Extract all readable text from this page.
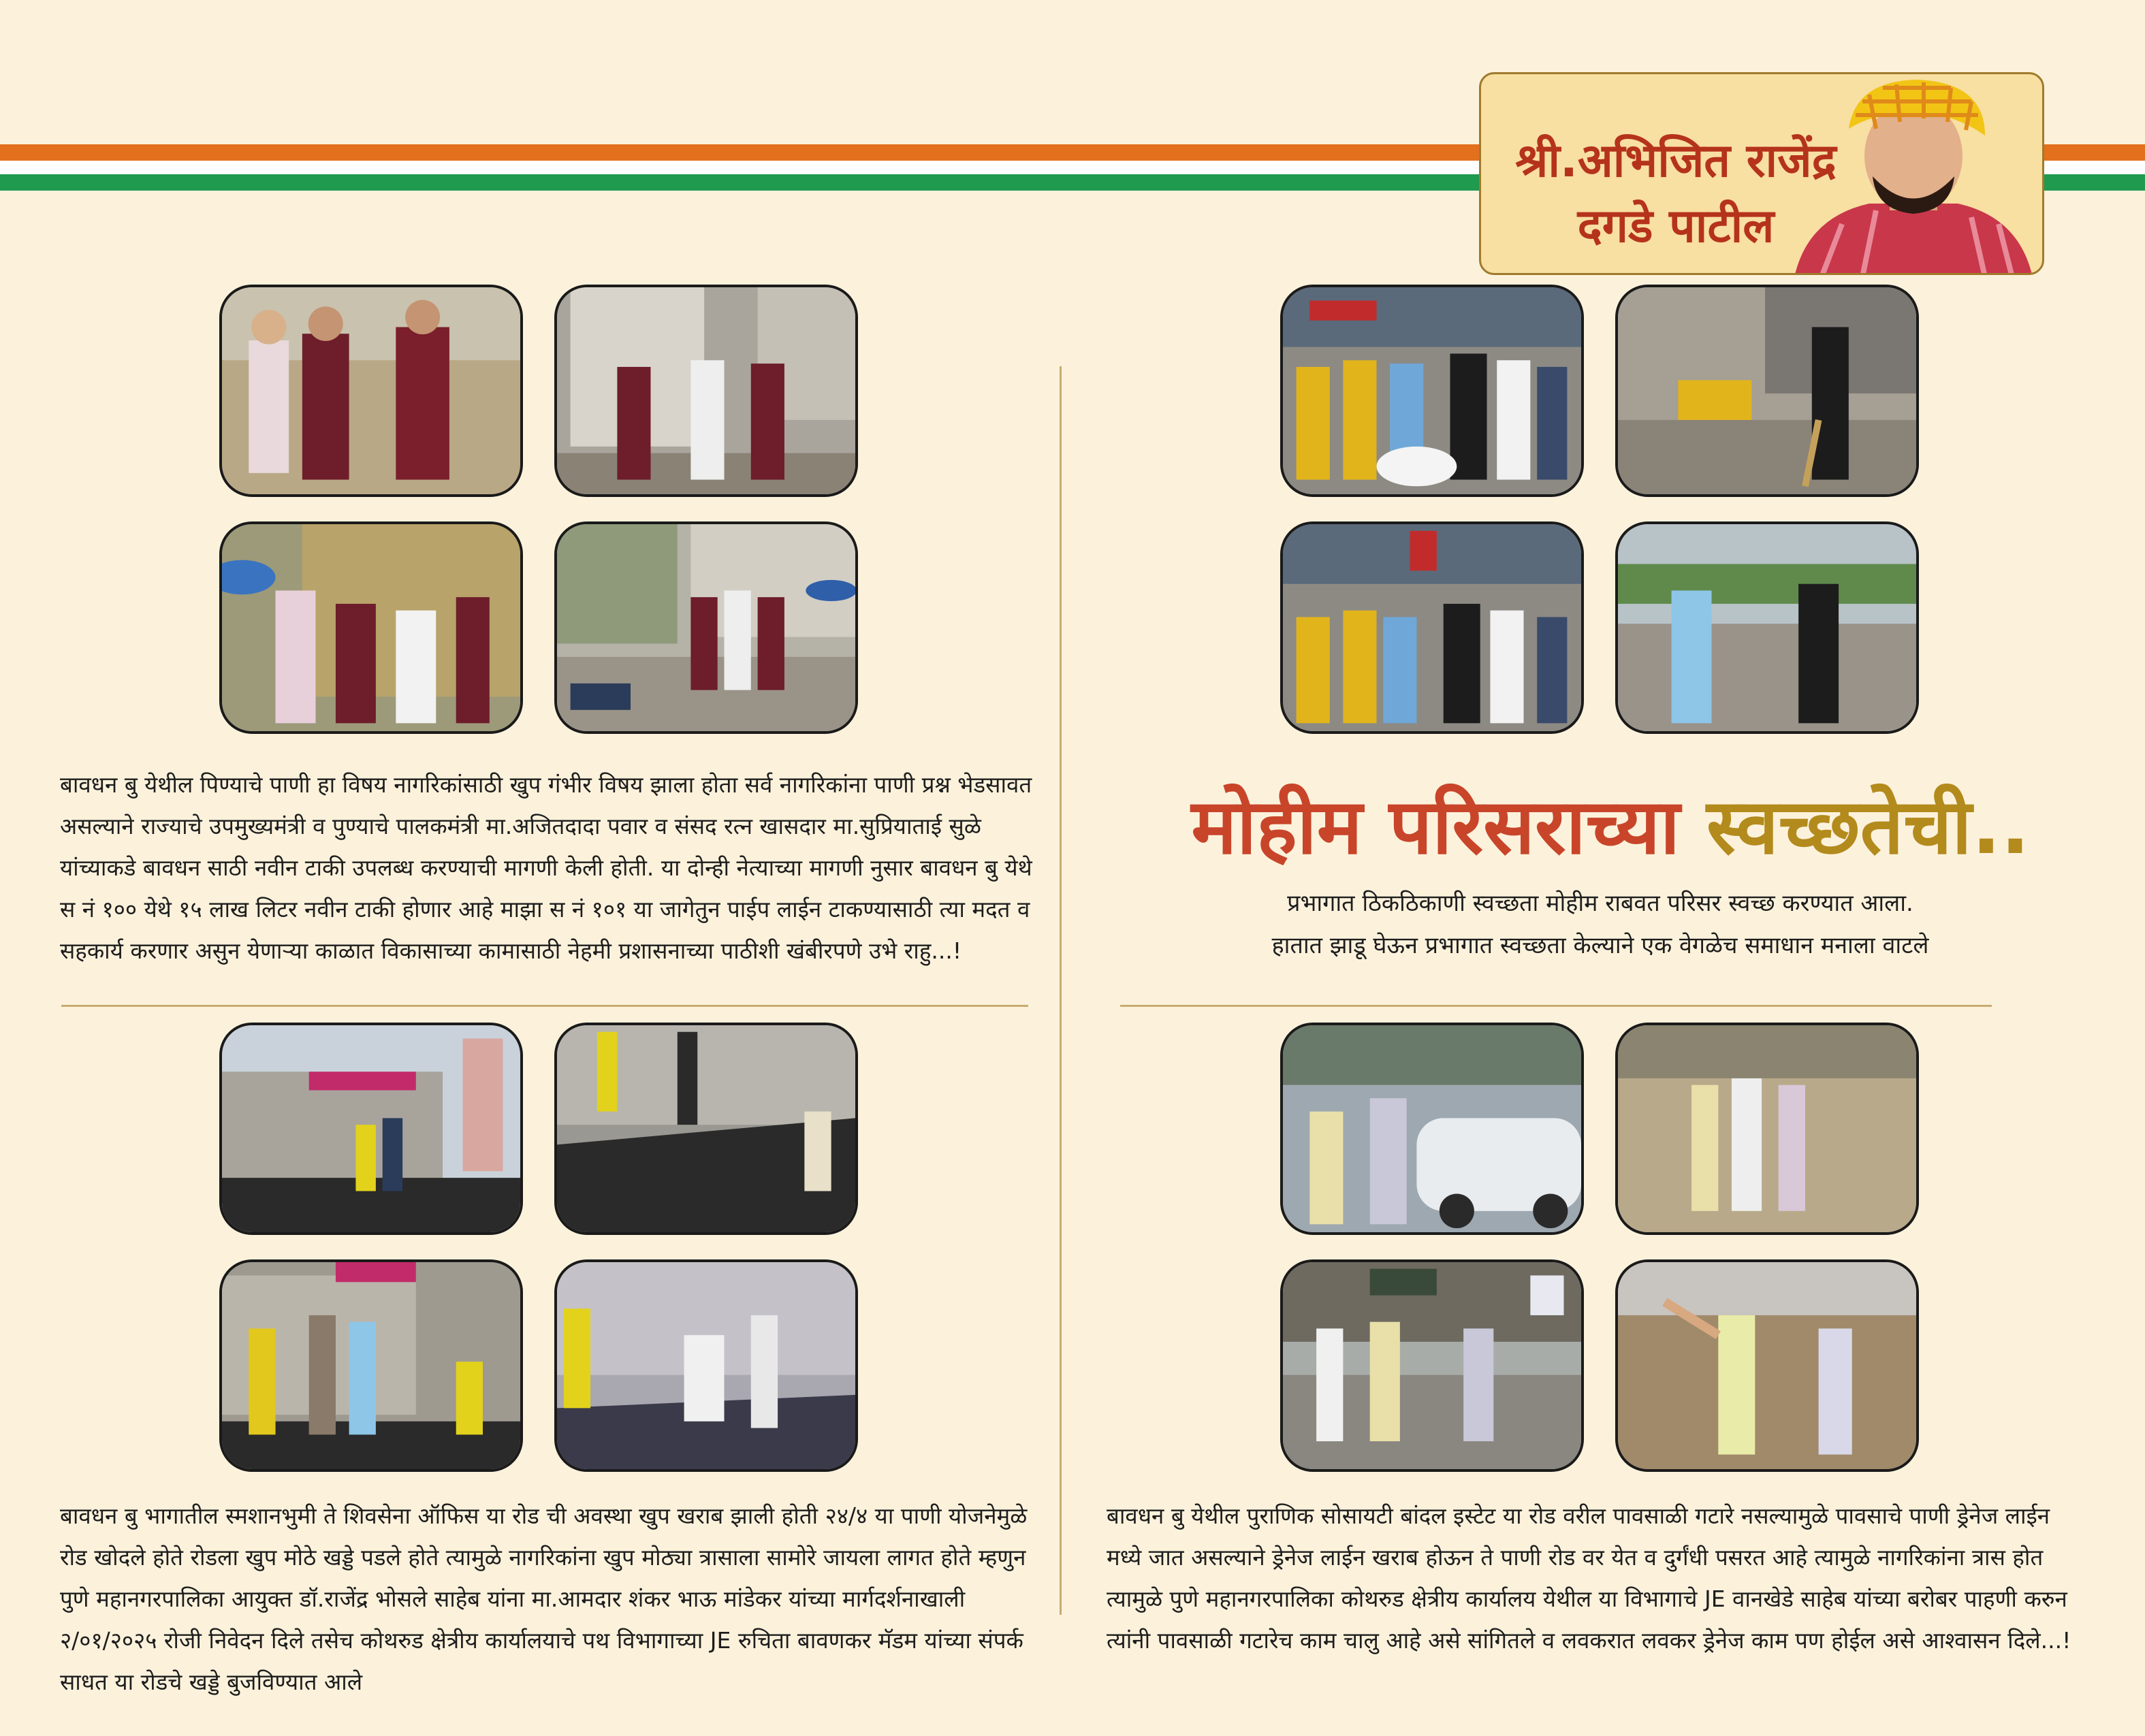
श्री.अभिजित राजेंद्र
दगडे पाटील

बावधन बु येथील पिण्याचे पाणी हा विषय नागरिकांसाठी खुप गंभीर विषय झाला होता सर्व नागरिकांना पाणी प्रश्न भेडसावत असल्याने राज्याचे उपमुख्यमंत्री व पुण्याचे पालकमंत्री मा.अजितदादा पवार व संसद रत्न खासदार मा.सुप्रियाताई सुळे यांच्याकडे बावधन साठी नवीन टाकी उपलब्ध करण्याची मागणी केली होती. या दोन्ही नेत्याच्या मागणी नुसार बावधन बु येथे स नं १०० येथे १५ लाख लिटर नवीन टाकी होणार आहे माझा स नं १०१ या जागेतुन पाईप लाईन टाकण्यासाठी त्या मदत व सहकार्य करणार असुन येणाऱ्या काळात विकासाच्या कामासाठी नेहमी प्रशासनाच्या पाठीशी खंबीरपणे उभे राहु...!

मोहीम परिसराच्या स्वच्छतेची..
प्रभागात ठिकठिकाणी स्वच्छता मोहीम राबवत परिसर स्वच्छ करण्यात आला.
हातात झाडू घेऊन प्रभागात स्वच्छता केल्याने एक वेगळेच समाधान मनाला वाटले

बावधन बु भागातील स्मशानभुमी ते शिवसेना ऑफिस या रोड ची अवस्था खुप खराब झाली होती २४/४ या पाणी योजनेमुळे रोड खोदले होते रोडला खुप मोठे खड्डे पडले होते त्यामुळे नागरिकांना खुप मोठ्या त्रासाला सामोरे जायला लागत होते म्हणुन पुणे महानगरपालिका आयुक्त डॉ.राजेंद्र भोसले साहेब यांना मा.आमदार शंकर भाऊ मांडेकर यांच्या मार्गदर्शनाखाली २/०१/२०२५ रोजी निवेदन दिले तसेच कोथरुड क्षेत्रीय कार्यालयाचे पथ विभागाच्या JE रुचिता बावणकर मॅडम यांच्या संपर्क साधत या रोडचे खड्डे बुजविण्यात आले

बावधन बु येथील पुराणिक सोसायटी बांदल इस्टेट या रोड वरील पावसाळी गटारे नसल्यामुळे पावसाचे पाणी ड्रेनेज लाईन मध्ये जात असल्याने ड्रेनेज लाईन खराब होऊन ते पाणी रोड वर येत व दुर्गंधी पसरत आहे त्यामुळे नागरिकांना त्रास होत त्यामुळे पुणे महानगरपालिका कोथरुड क्षेत्रीय कार्यालय येथील या विभागाचे JE वानखेडे साहेब यांच्या बरोबर पाहणी करुन त्यांनी पावसाळी गटारेच काम चालु आहे असे सांगितले व लवकरात लवकर ड्रेनेज काम पण होईल असे आश्वासन दिले...!
